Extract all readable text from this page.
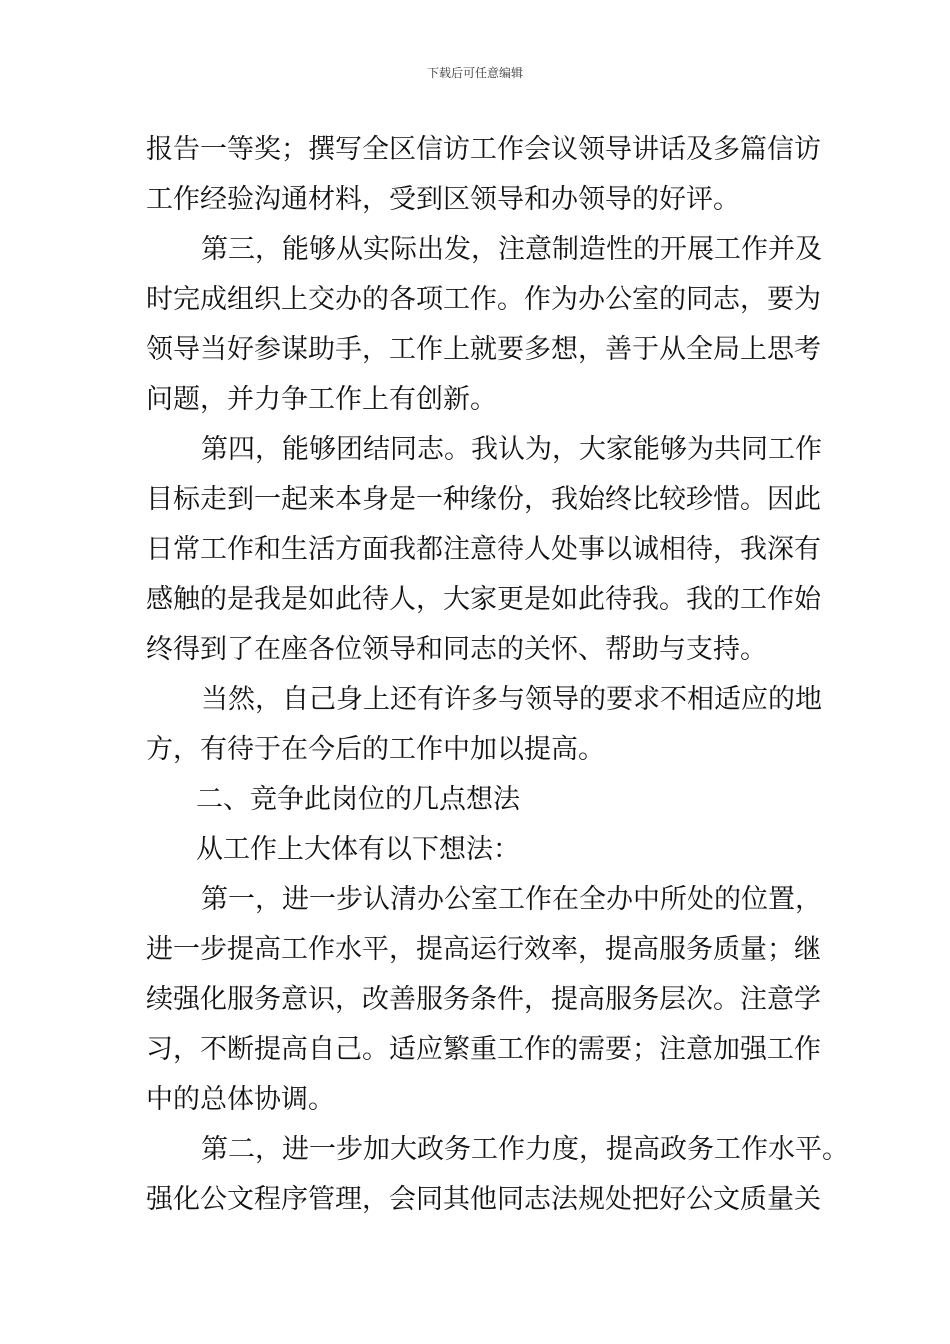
下载后可任意编辑
报告一等奖；撰写全区信访工作会议领导讲话及多篇信访
工作经验沟通材料，受到区领导和办领导的好评。
第三，能够从实际出发，注意制造性的开展工作并及
时完成组织上交办的各项工作。作为办公室的同志，要为
领导当好参谋助手，工作上就要多想，善于从全局上思考
问题，并力争工作上有创新。
第四，能够团结同志。我认为，大家能够为共同工作
目标走到一起来本身是一种缘份，我始终比较珍惜。因此
日常工作和生活方面我都注意待人处事以诚相待，我深有
感触的是我是如此待人，大家更是如此待我。我的工作始
终得到了在座各位领导和同志的关怀、帮助与支持。
当然，自己身上还有许多与领导的要求不相适应的地
方，有待于在今后的工作中加以提高。
二、竞争此岗位的几点想法
从工作上大体有以下想法：
第一，进一步认清办公室工作在全办中所处的位置，
进一步提高工作水平，提高运行效率，提高服务质量；继
续强化服务意识，改善服务条件，提高服务层次。注意学
习，不断提高自己。适应繁重工作的需要；注意加强工作
中的总体协调。
第二，进一步加大政务工作力度，提高政务工作水平。
强化公文程序管理，会同其他同志法规处把好公文质量关
